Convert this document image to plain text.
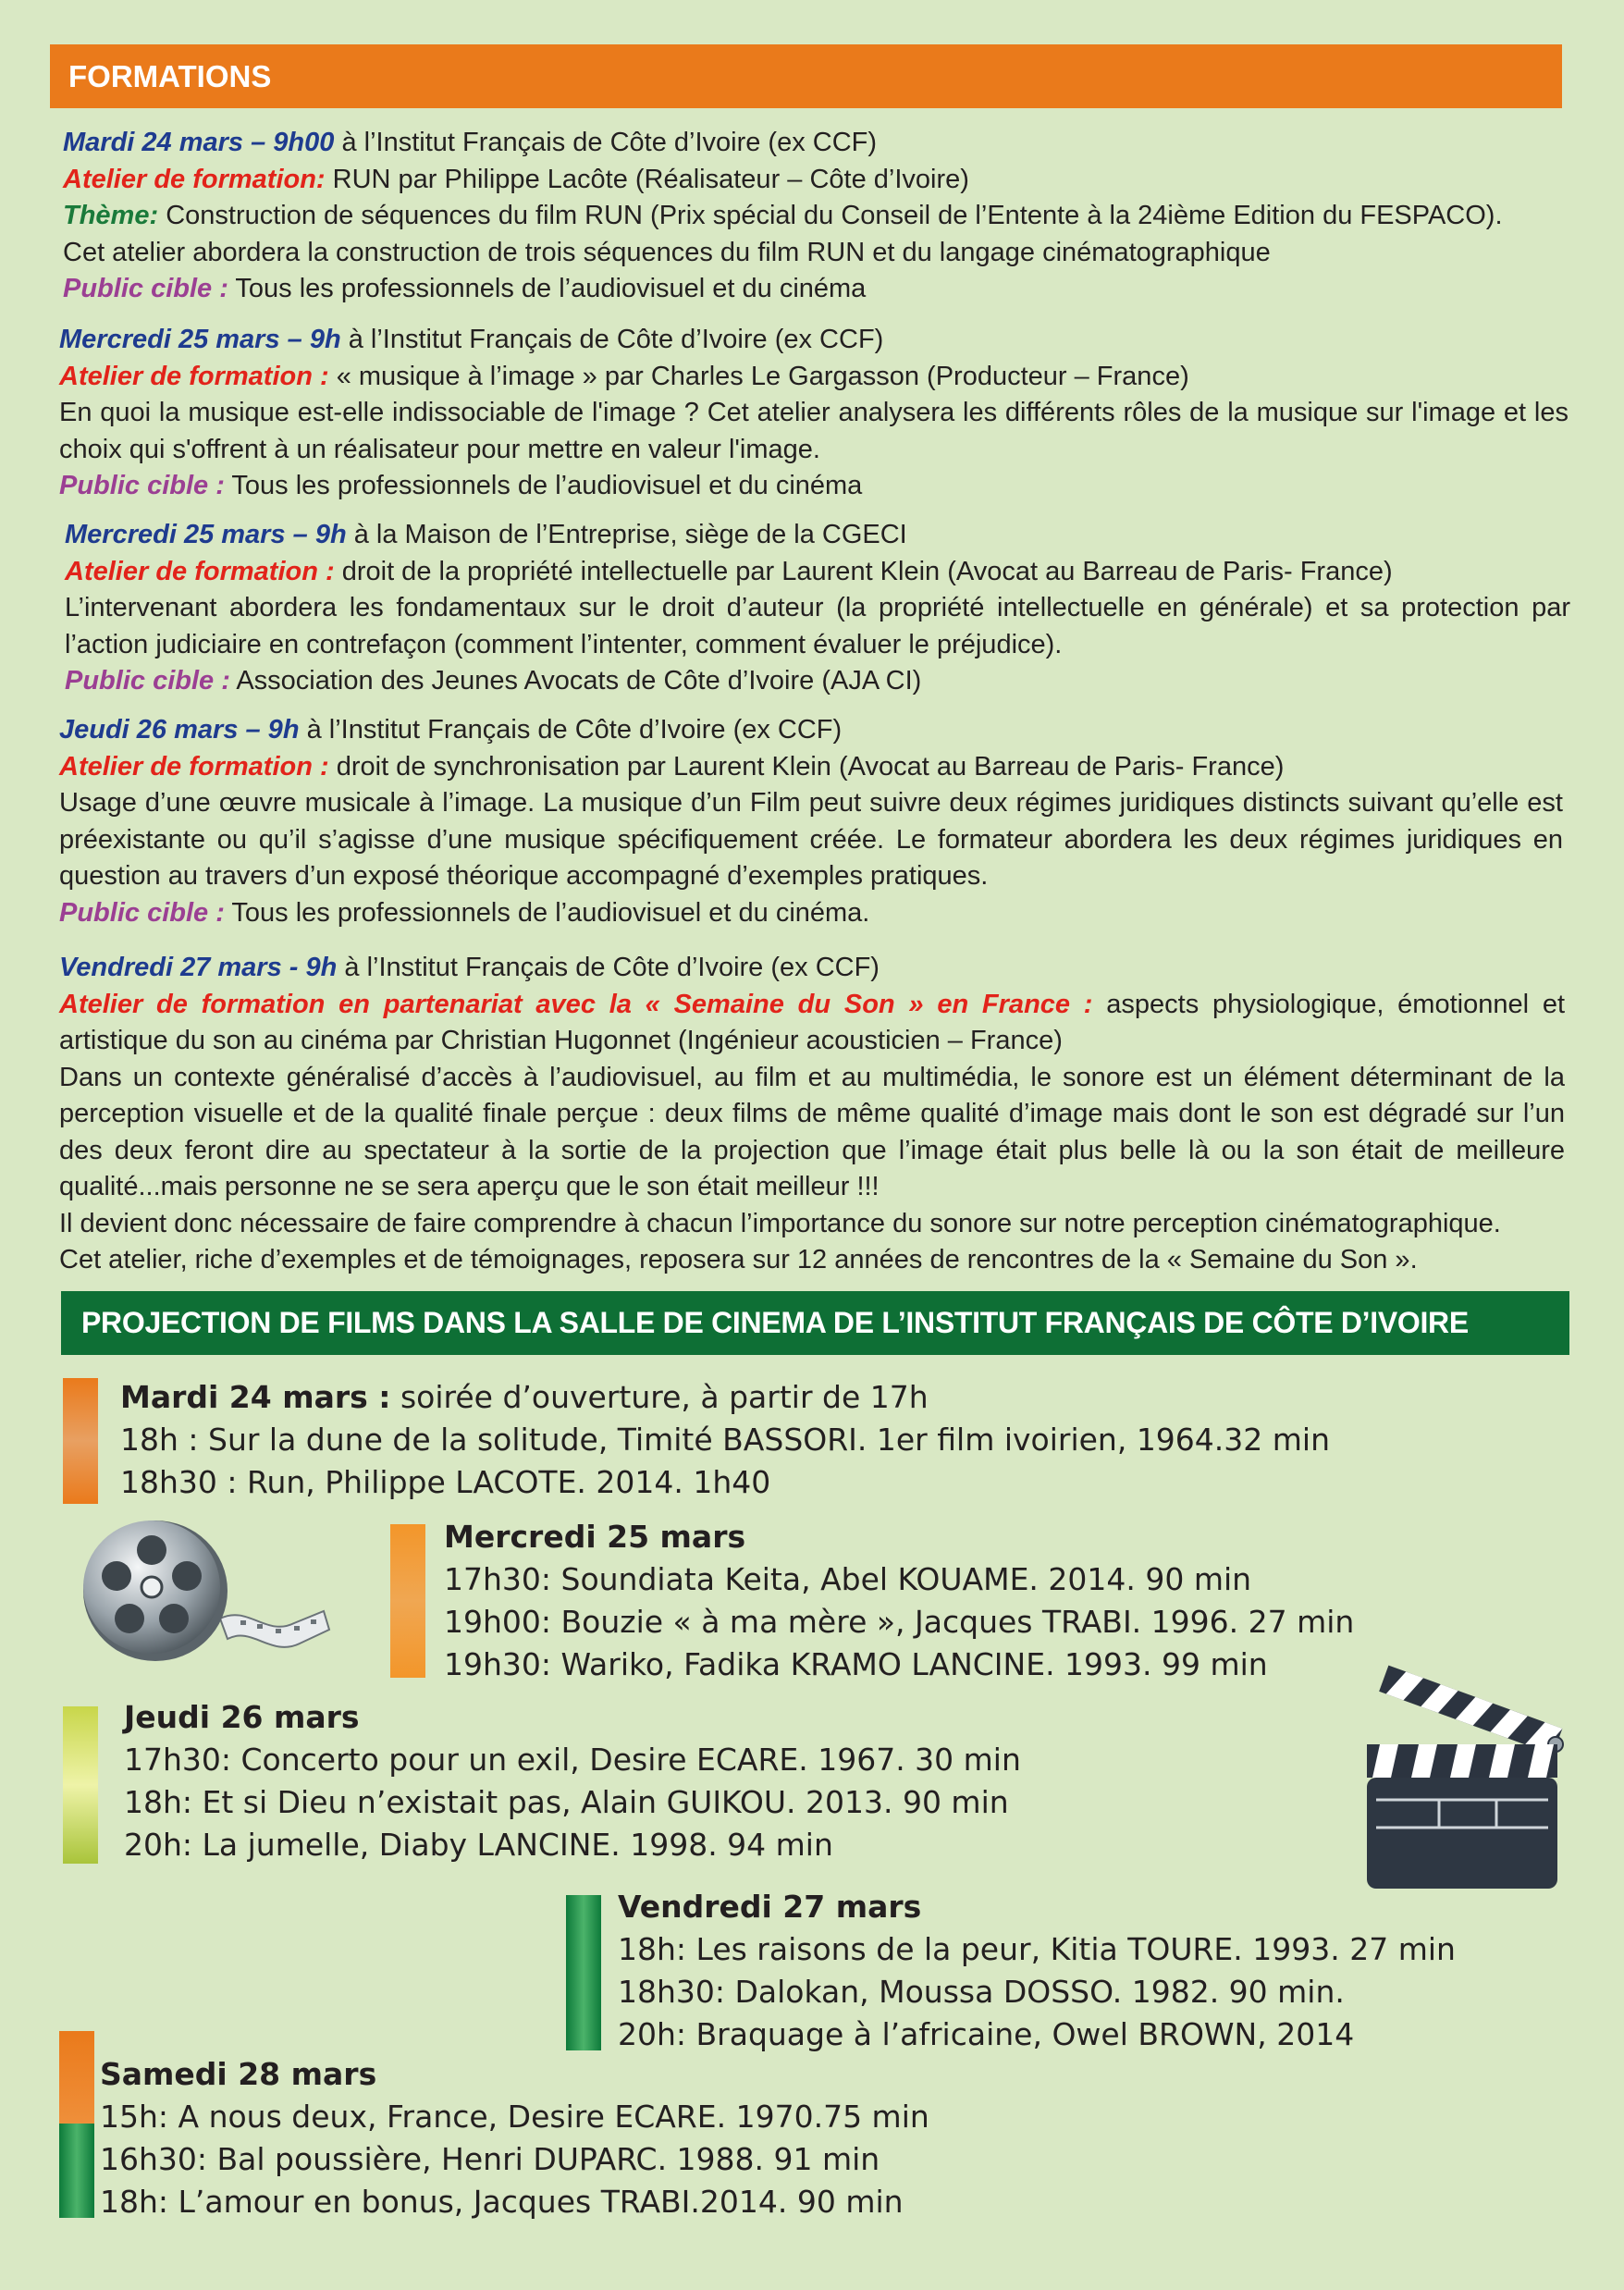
FORMATIONS

Mardi 24 mars – 9h00 à l’Institut Français de Côte d’Ivoire (ex CCF)

Atelier de formation: RUN par Philippe Lacôte (Réalisateur – Côte d’Ivoire)

Thème: Construction de séquences du film RUN (Prix spécial du Conseil de l’Entente à la 24ième Edition du FESPACO).

Cet atelier abordera la construction de trois séquences du film RUN et du langage cinématographique

Public cible : Tous les professionnels de l’audiovisuel et du cinéma

Mercredi 25 mars – 9h à l’Institut Français de Côte d’Ivoire (ex CCF)

Atelier de formation : « musique à l’image » par Charles Le Gargasson (Producteur – France)

En quoi la musique est-elle indissociable de l'image ? Cet atelier analysera les différents rôles de la musique sur l'image et les choix qui s'offrent à un réalisateur pour mettre en valeur l'image.

Public cible : Tous les professionnels de l’audiovisuel et du cinéma

Mercredi 25 mars – 9h à la Maison de l’Entreprise, siège de la CGECI

Atelier de formation : droit de la propriété intellectuelle par Laurent Klein (Avocat au Barreau de Paris- France)

L’intervenant abordera les fondamentaux sur le droit d’auteur (la propriété intellectuelle en générale) et sa protection par l’action judiciaire en contrefaçon (comment l’intenter, comment évaluer le préjudice).

Public cible : Association des Jeunes Avocats de Côte d’Ivoire (AJA CI)

Jeudi 26 mars – 9h à l’Institut Français de Côte d’Ivoire (ex CCF)

Atelier de formation : droit de synchronisation par Laurent Klein (Avocat au Barreau de Paris- France)

Usage d’une œuvre musicale à l’image. La musique d’un Film peut suivre deux régimes juridiques distincts suivant qu’elle est préexistante ou qu’il s’agisse d’une musique spécifiquement créée. Le formateur abordera les deux régimes juridiques en question au travers d’un exposé théorique accompagné d’exemples pratiques.

Public cible : Tous les professionnels de l’audiovisuel et du cinéma.

Vendredi 27 mars - 9h à l’Institut Français de Côte d’Ivoire (ex CCF)

Atelier de formation en partenariat avec la « Semaine du Son » en France : aspects physiologique, émotionnel et artistique du son au cinéma par Christian Hugonnet (Ingénieur acousticien – France)

Dans un contexte généralisé d’accès à l’audiovisuel, au film et au multimédia, le sonore est un élément déterminant de la perception visuelle et de la qualité finale perçue : deux films de même qualité d’image mais dont le son est dégradé sur l’un des deux feront dire au spectateur à la sortie de la projection que l’image était plus belle là ou la son était de meilleure qualité...mais personne ne se sera aperçu que le son était meilleur !!!

Il devient donc nécessaire de faire comprendre à chacun l’importance du sonore sur notre perception cinématographique.

Cet atelier, riche d’exemples et de témoignages, reposera sur 12 années de rencontres de la « Semaine du Son ».

PROJECTION DE FILMS DANS LA SALLE DE CINEMA DE L’INSTITUT FRANÇAIS DE CÔTE D’IVOIRE

Mardi 24 mars : soirée d’ouverture, à partir de 17h

18h : Sur la dune de la solitude, Timité BASSORI. 1er film ivoirien, 1964.32 min

18h30 : Run, Philippe LACOTE. 2014. 1h40

Mercredi 25 mars

17h30: Soundiata Keita, Abel KOUAME. 2014. 90 min

19h00: Bouzie « à ma mère », Jacques TRABI. 1996. 27 min

19h30: Wariko, Fadika KRAMO LANCINE. 1993. 99 min

Jeudi 26 mars

17h30: Concerto pour un exil, Desire ECARE. 1967. 30 min

18h: Et si Dieu n’existait pas, Alain GUIKOU. 2013. 90 min

20h: La jumelle, Diaby LANCINE. 1998. 94 min

Vendredi 27 mars

18h: Les raisons de la peur, Kitia TOURE. 1993. 27 min

18h30: Dalokan, Moussa DOSSO. 1982. 90 min.

20h: Braquage à l’africaine, Owel BROWN, 2014

Samedi 28 mars

15h: A nous deux, France, Desire ECARE. 1970.75 min

16h30: Bal poussière, Henri DUPARC. 1988. 91 min

18h: L’amour en bonus, Jacques TRABI.2014. 90 min
